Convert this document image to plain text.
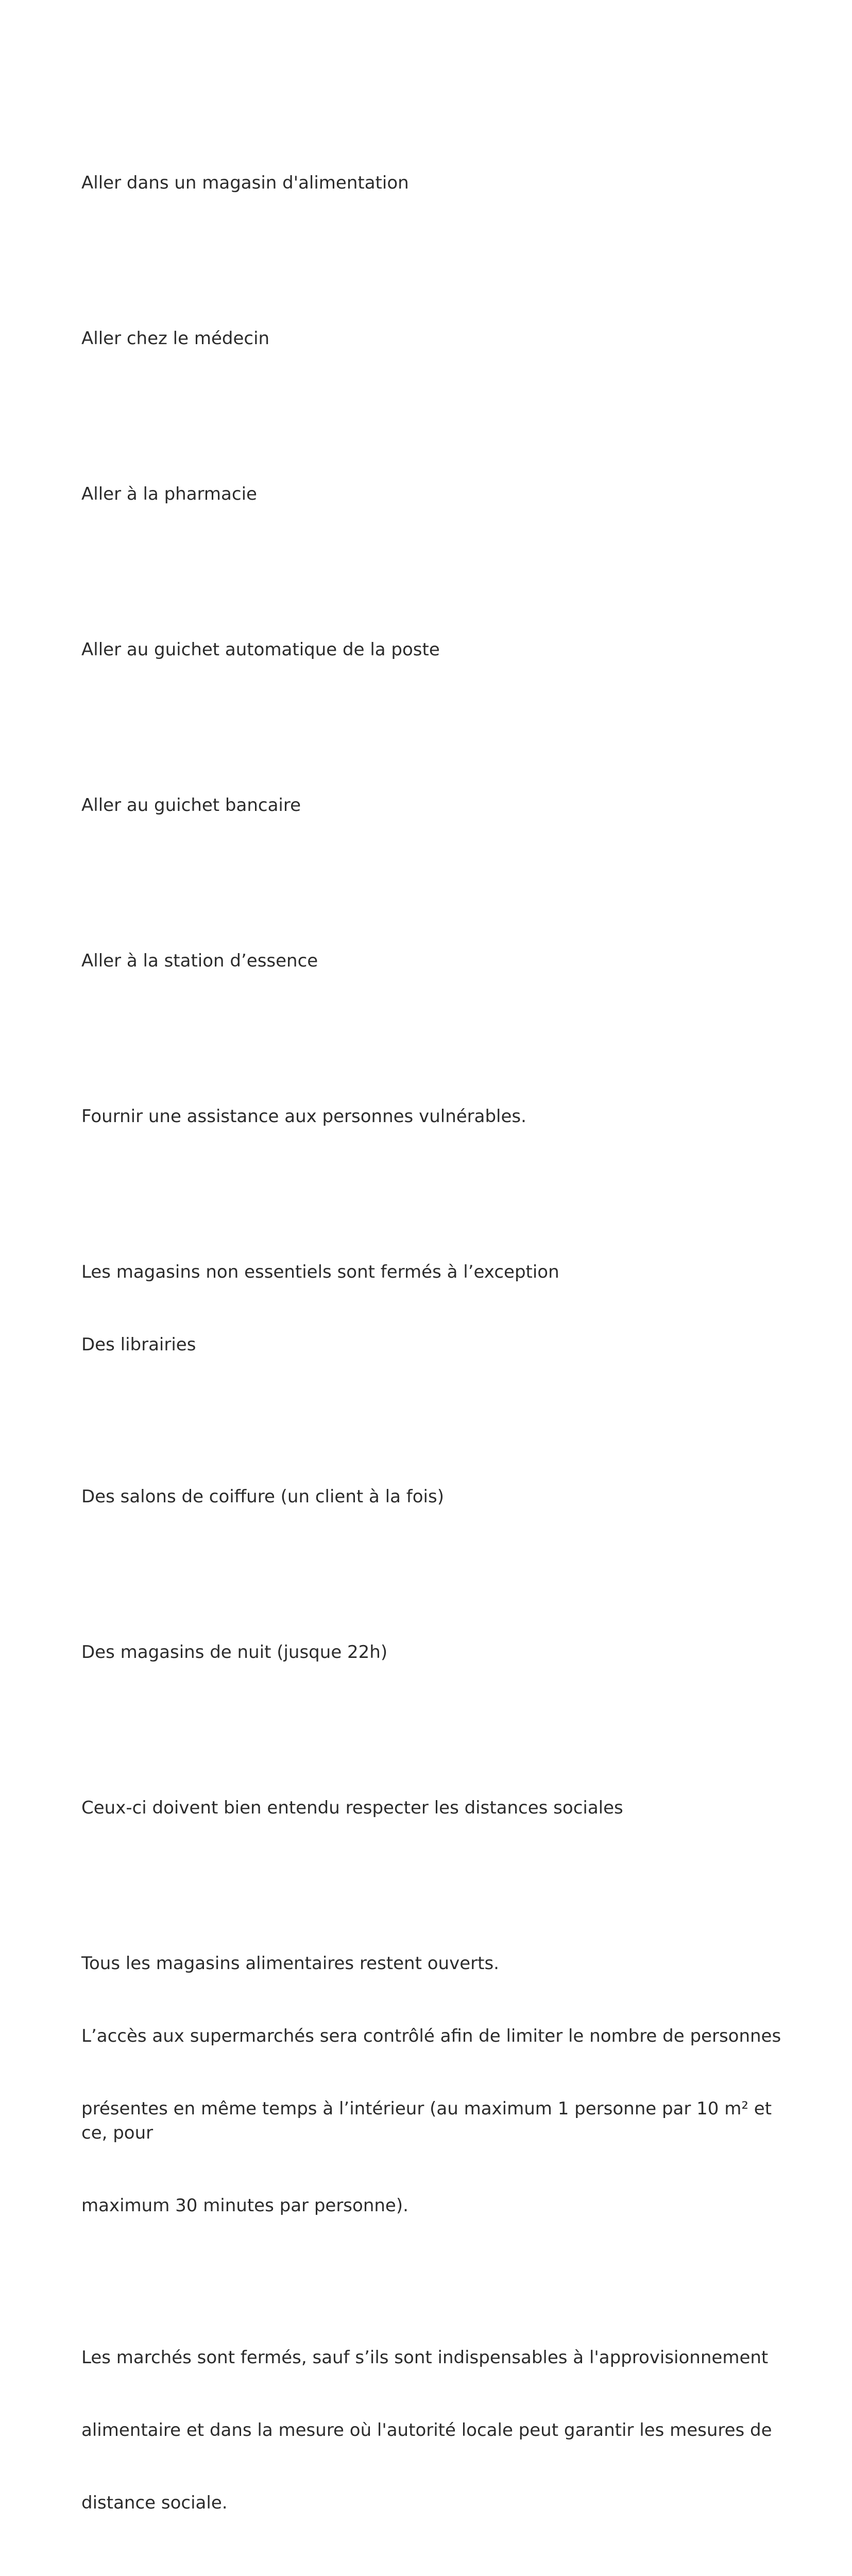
Aller dans un magasin d'alimentation

Aller chez le médecin

Aller à la pharmacie

Aller au guichet automatique de la poste

Aller au guichet bancaire

Aller à la station d’essence

Fournir une assistance aux personnes vulnérables.

Les magasins non essentiels sont fermés à l’exception

Des librairies

Des salons de coiffure (un client à la fois)

Des magasins de nuit (jusque 22h)

Ceux-ci doivent bien entendu respecter les distances sociales

Tous les magasins alimentaires restent ouverts.

L’accès aux supermarchés sera contrôlé afin de limiter le nombre de personnes

présentes en même temps à l’intérieur (au maximum 1 personne par 10 m² et ce, pour

maximum 30 minutes par personne).

Les marchés sont fermés, sauf s’ils sont indispensables à l'approvisionnement

alimentaire et dans la mesure où l'autorité locale peut garantir les mesures de

distance sociale.
